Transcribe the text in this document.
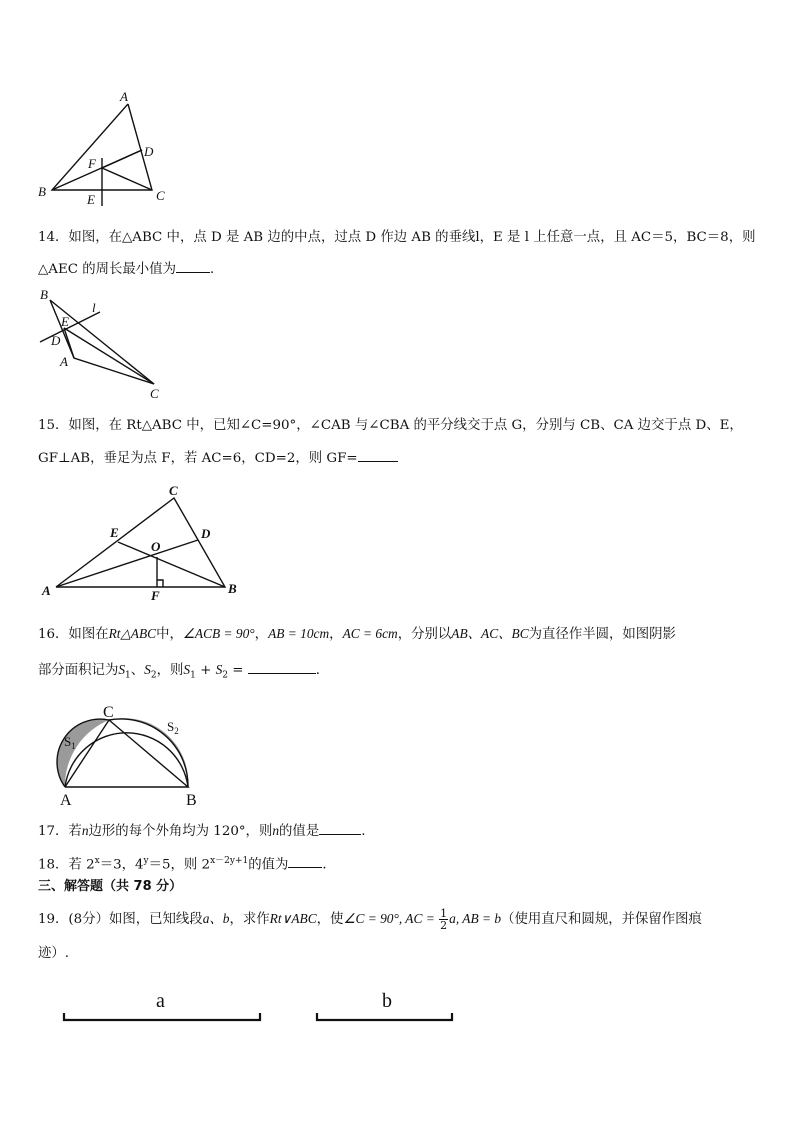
A
B	C
D
E
F
14．如图，在△ABC 中，点 D 是 AB 边的中点，过点 D 作边 AB 的垂线l，E 是 l 上任意一点，且 AC＝5，BC＝8，则
△AEC 的周长最小值为	．
B
E
D
A
C
l
15．如图，在 Rt△ABC 中，已知∠C=90°，∠CAB 与∠CBA 的平分线交于点 G，分别与 CB、CA 边交于点 D、E，
GF⊥AB，垂足为点 F，若 AC=6，CD=2，则 GF=
C
E	D
O
A	B
F
16．如图在Rt△ABC中，∠ACB = 90°，AB = 10cm，AC = 6cm，分别以AB、AC、BC为直径作半圆，如图阴影
部分面积记为$S_1$、$S_2$，则$S_1 + S_2$ =	．
C
A	B
$S_1$
$S_2$
17．若n边形的每个外角均为 120°，则n的值是	.
18．若 $2^x=3$，$4^y=5$，则 $2^{x-2y+1}$的值为	．
三、解答题（共 78 分）
19．(8分）如图，已知线段a、b，求作Rt∨ABC，使∠C = 90°, AC = $\frac{1}{2} a$, AB = b（使用直尺和圆规，并保留作图痕
迹）.
a	b
